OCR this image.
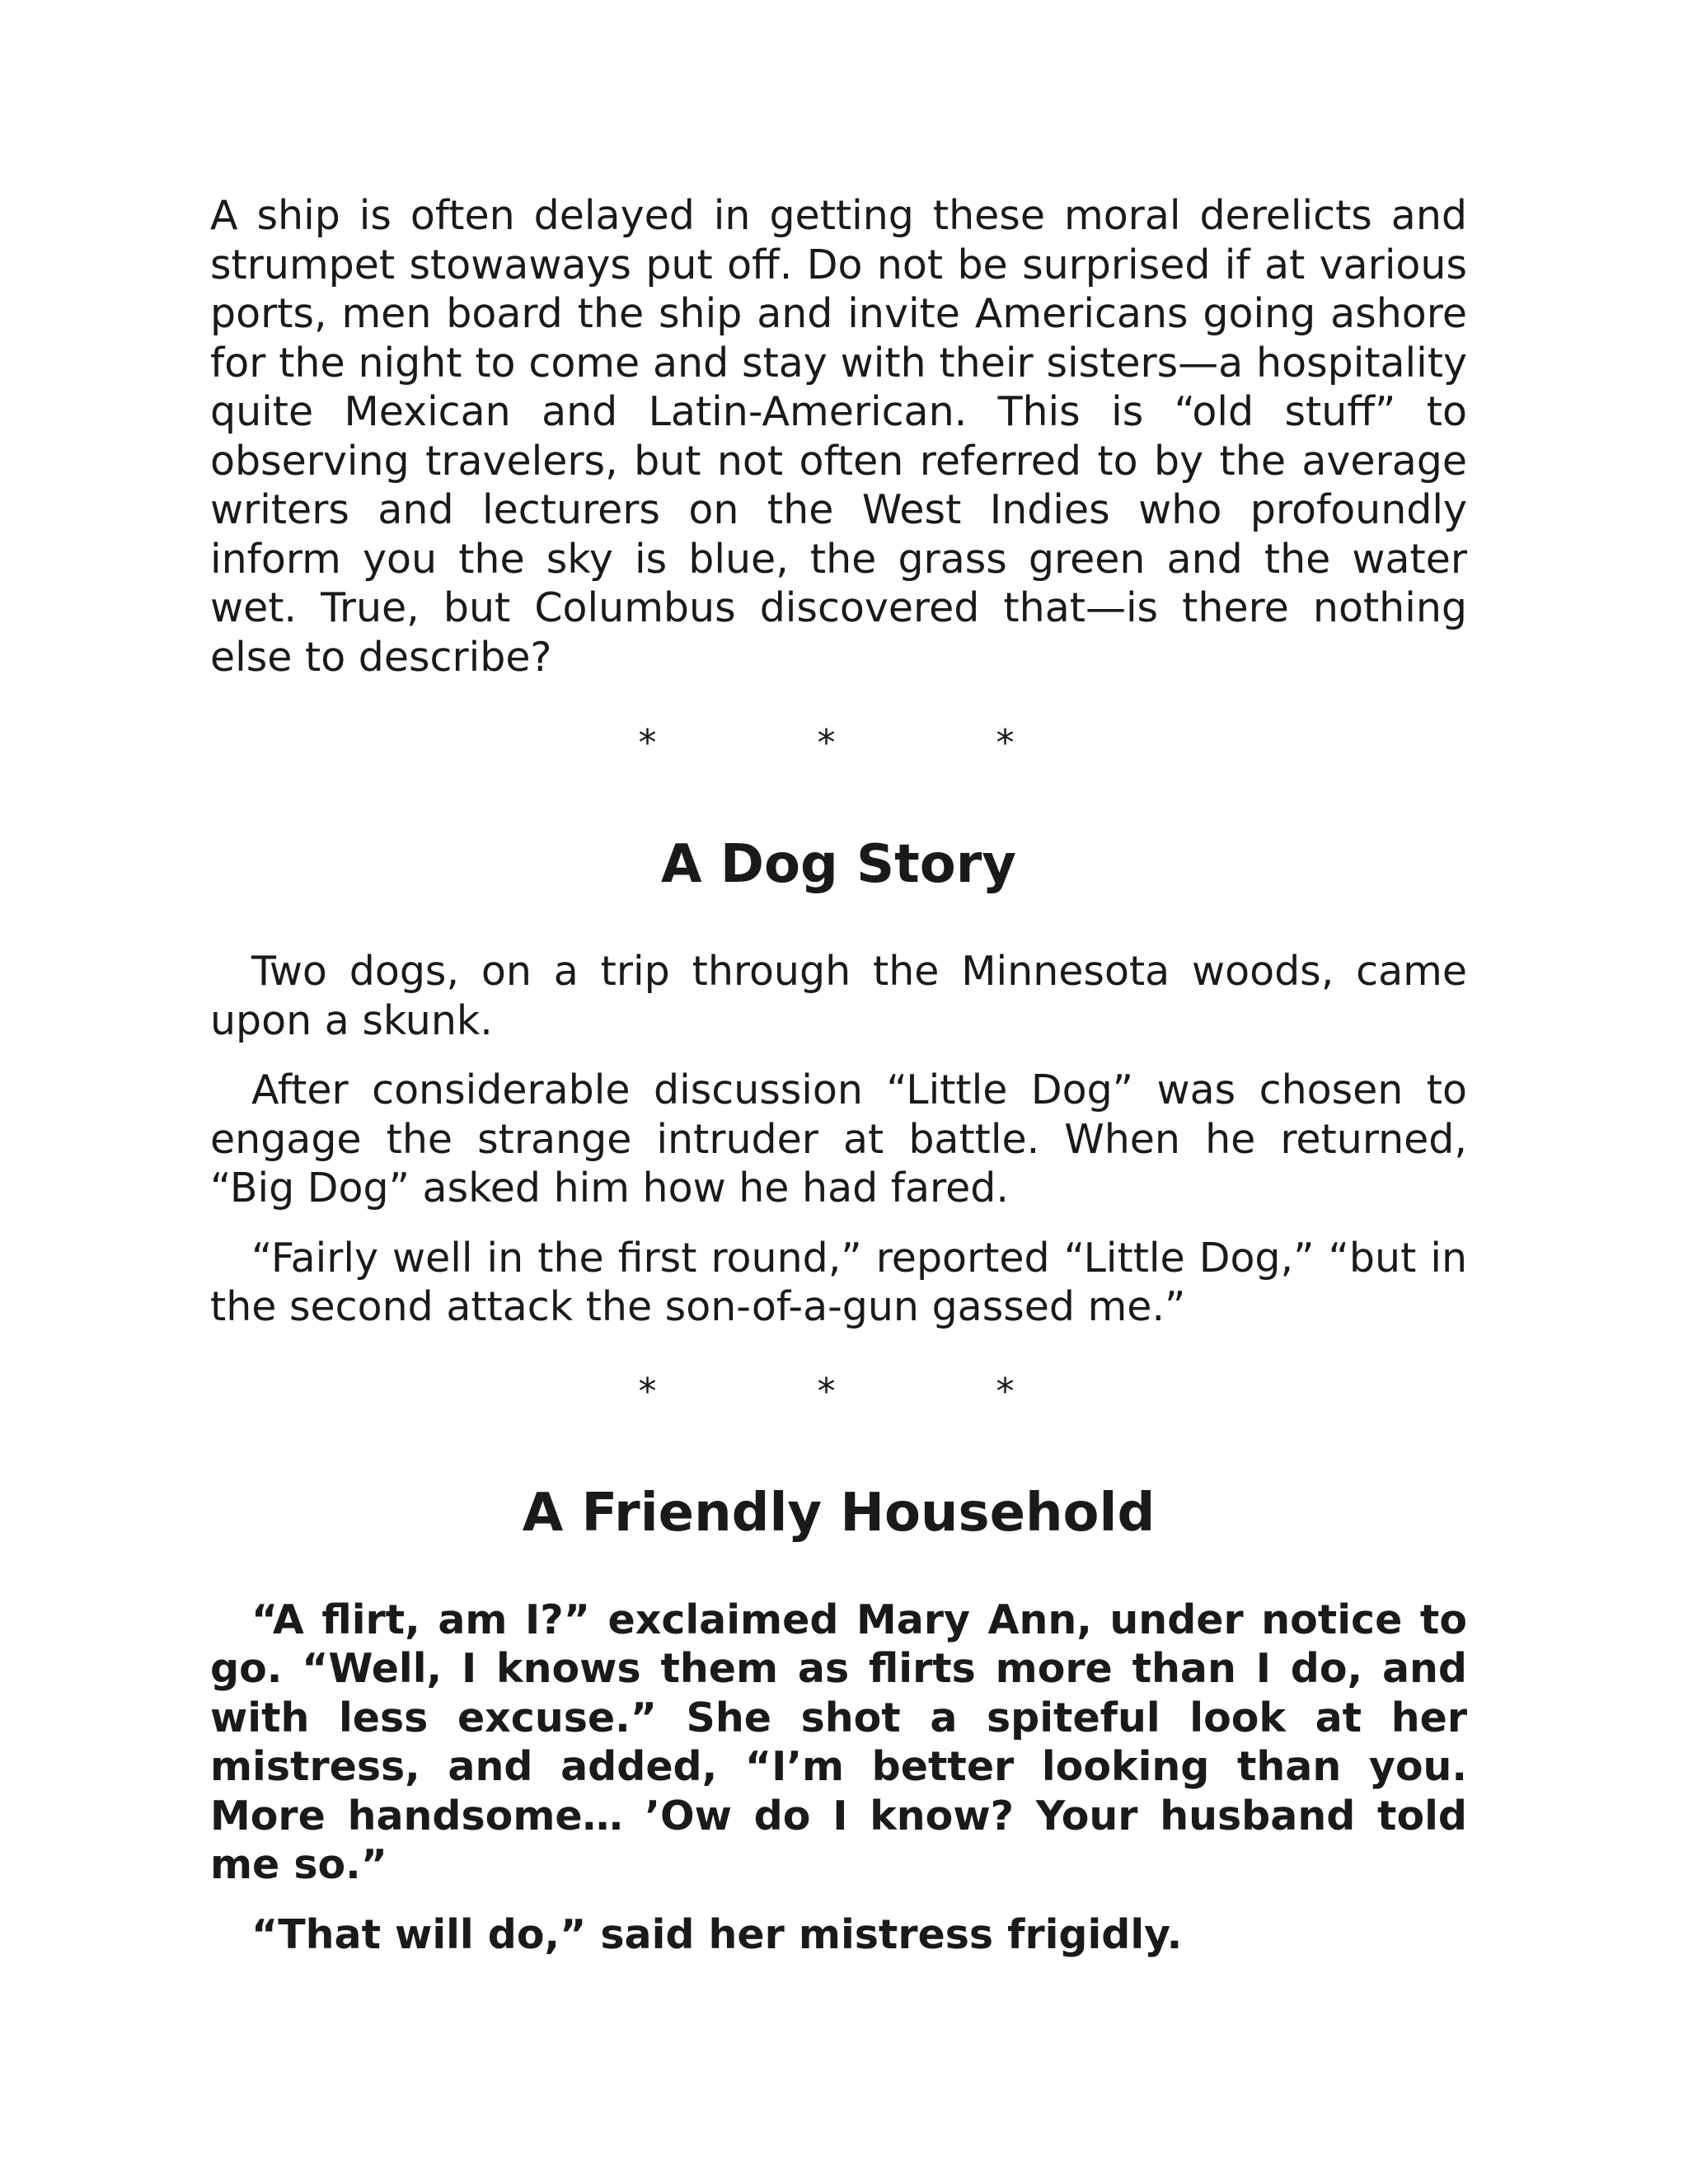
A ship is often delayed in getting these moral derelicts and strumpet stowaways put off. Do not be surprised if at various ports, men board the ship and invite Americans going ashore for the night to come and stay with their sisters—a hospitality quite Mexican and Latin-American. This is “old stuff” to observing travelers, but not often referred to by the average writers and lecturers on the West Indies who profoundly inform you the sky is blue, the grass green and the water wet. True, but Columbus discovered that—is there nothing else to describe?

*	*	*
A Dog Story

Two dogs, on a trip through the Minnesota woods, came upon a skunk.

After considerable discussion “Little Dog” was chosen to engage the strange intruder at battle. When he returned, “Big Dog” asked him how he had fared.

“Fairly well in the first round,” reported “Little Dog,” “but in the second attack the son-of-a-gun gassed me.”

*	*	*
A Friendly Household

“A flirt, am I?” exclaimed Mary Ann, under notice to go. “Well, I knows them as flirts more than I do, and with less excuse.” She shot a spiteful look at her mistress, and added, “I’m better looking than you. More handsome… ’Ow do I know? Your husband told me so.”

“That will do,” said her mistress frigidly.
